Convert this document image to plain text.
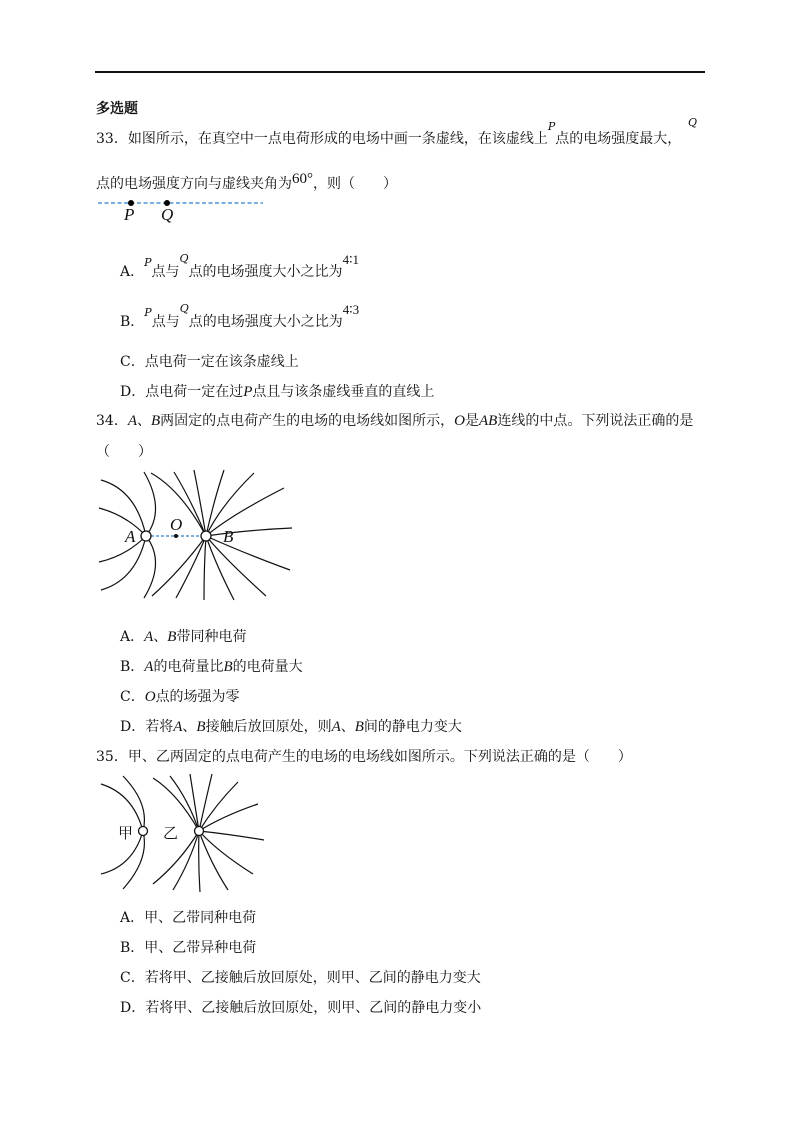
多选题
33．如图所示，在真空中一点电荷形成的电场中画一条虚线，在该虚线上$^P$点的电场强度最大，
Q
点的电场强度方向与虚线夹角为60°，则（　　）
P Q
A．$^P$点与$^Q$点的电场强度大小之比为4∶1
B．$^P$点与$^Q$点的电场强度大小之比为4∶3
C．点电荷一定在该条虚线上
D．点电荷一定在过P点且与该条虚线垂直的直线上
34．A、B两固定的点电荷产生的电场的电场线如图所示，O是AB连线的中点。下列说法正确的是
（　　）
A
O
B
A．A、B带同种电荷
B．A的电荷量比B的电荷量大
C．O点的场强为零
D．若将A、B接触后放回原处，则A、B间的静电力变大
35．甲、乙两固定的点电荷产生的电场的电场线如图所示。下列说法正确的是（　　）
甲 乙
A．甲、乙带同种电荷
B．甲、乙带异种电荷
C．若将甲、乙接触后放回原处，则甲、乙间的静电力变大
D．若将甲、乙接触后放回原处，则甲、乙间的静电力变小
